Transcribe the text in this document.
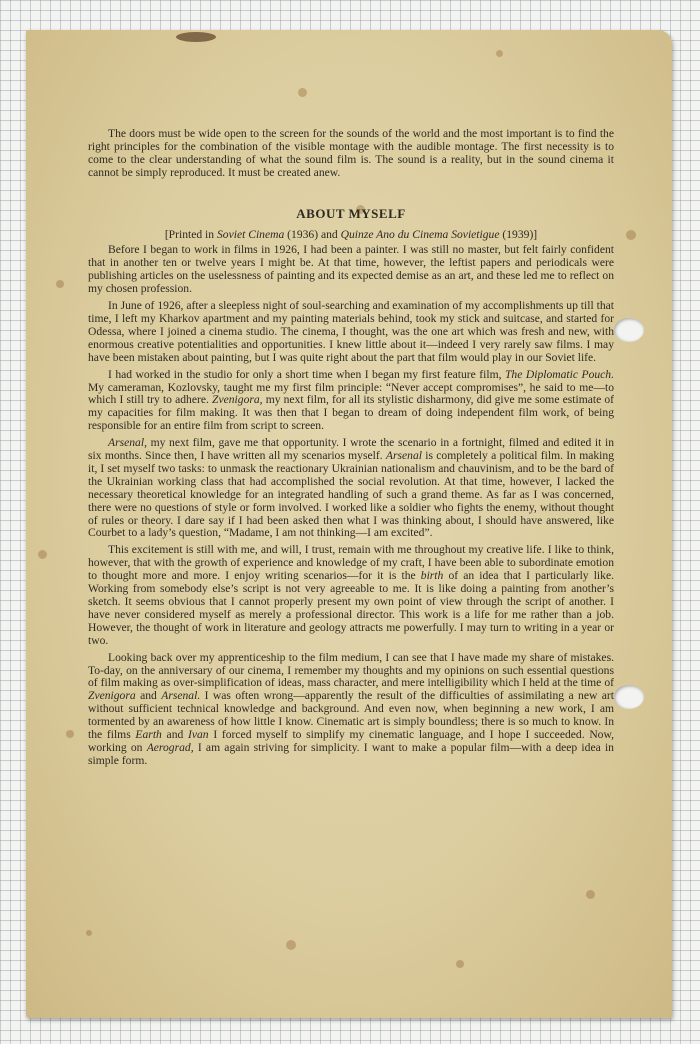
The doors must be wide open to the screen for the sounds of the world and the most important is to find the right principles for the combination of the visible montage with the audible montage. The first necessity is to come to the clear understanding of what the sound film is. The sound is a reality, but in the sound cinema it cannot be simply reproduced. It must be created anew.

ABOUT MYSELF
[Printed in Soviet Cinema (1936) and Quinze Ano du Cinema Sovietigue (1939)]

Before I began to work in films in 1926, I had been a painter. I was still no master, but felt fairly confident that in another ten or twelve years I might be. At that time, however, the leftist papers and periodicals were publishing articles on the uselessness of painting and its expected demise as an art, and these led me to reflect on my chosen profession.

In June of 1926, after a sleepless night of soul-searching and examination of my accomplishments up till that time, I left my Kharkov apartment and my painting materials behind, took my stick and suitcase, and started for Odessa, where I joined a cinema studio. The cinema, I thought, was the one art which was fresh and new, with enormous creative potentialities and opportunities. I knew little about it—indeed I very rarely saw films. I may have been mistaken about painting, but I was quite right about the part that film would play in our Soviet life.

I had worked in the studio for only a short time when I began my first feature film, The Diplomatic Pouch. My cameraman, Kozlovsky, taught me my first film principle: “Never accept compromises”, he said to me—to which I still try to adhere. Zvenigora, my next film, for all its stylistic disharmony, did give me some estimate of my capacities for film making. It was then that I began to dream of doing independent film work, of being responsible for an entire film from script to screen.

Arsenal, my next film, gave me that opportunity. I wrote the scenario in a fortnight, filmed and edited it in six months. Since then, I have written all my scenarios myself. Arsenal is completely a political film. In making it, I set myself two tasks: to unmask the reactionary Ukrainian nationalism and chauvinism, and to be the bard of the Ukrainian working class that had accomplished the social revolution. At that time, however, I lacked the necessary theoretical knowledge for an integrated handling of such a grand theme. As far as I was concerned, there were no questions of style or form involved. I worked like a soldier who fights the enemy, without thought of rules or theory. I dare say if I had been asked then what I was thinking about, I should have answered, like Courbet to a lady’s question, “Madame, I am not thinking—I am excited”.

This excitement is still with me, and will, I trust, remain with me throughout my creative life. I like to think, however, that with the growth of experience and knowledge of my craft, I have been able to subordinate emotion to thought more and more. I enjoy writing scenarios—for it is the birth of an idea that I particularly like. Working from somebody else’s script is not very agreeable to me. It is like doing a painting from another’s sketch. It seems obvious that I cannot properly present my own point of view through the script of another. I have never considered myself as merely a professional director. This work is a life for me rather than a job. However, the thought of work in literature and geology attracts me powerfully. I may turn to writing in a year or two.

Looking back over my apprenticeship to the film medium, I can see that I have made my share of mistakes. To-day, on the anniversary of our cinema, I remember my thoughts and my opinions on such essential questions of film making as over-simplification of ideas, mass character, and mere intelligibility which I held at the time of Zvenigora and Arsenal. I was often wrong—apparently the result of the difficulties of assimilating a new art without sufficient technical knowledge and background. And even now, when beginning a new work, I am tormented by an awareness of how little I know. Cinematic art is simply boundless; there is so much to know. In the films Earth and Ivan I forced myself to simplify my cinematic language, and I hope I succeeded. Now, working on Aerograd, I am again striving for simplicity. I want to make a popular film—with a deep idea in simple form.
